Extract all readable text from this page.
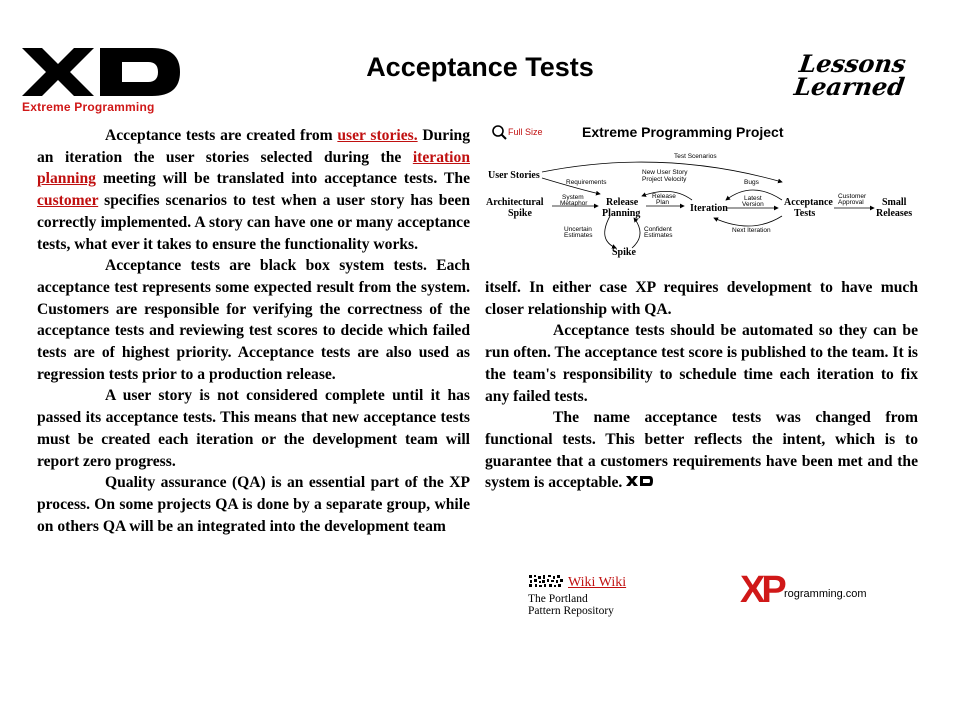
Extreme Programming
Acceptance Tests	Lessons
Learned

Acceptance tests are created from user stories. During an iteration the user stories selected during the iteration planning meeting will be translated into acceptance tests. The customer specifies scenarios to test when a user story has been correctly implemented. A story can have one or many acceptance tests, what ever it takes to ensure the functionality works.

Acceptance tests are black box system tests. Each acceptance test represents some expected result from the system. Customers are responsible for verifying the correctness of the acceptance tests and reviewing test scores to decide which failed tests are of highest priority. Acceptance tests are also used as regression tests prior to a production release.

A user story is not considered complete until it has passed its acceptance tests. This means that new acceptance tests must be created each iteration or the development team will report zero progress.

Quality assurance (QA) is an essential part of the XP process. On some projects QA is done by a separate group, while on others QA will be an integrated into the development team

Full Size	Extreme Programming Project
User Stories
Architectural
Spike
Release
Planning	Iteration
Acceptance
Tests
Small
Releases
Spike
Test Scenarios
Requirements
New User Story
Project Velocity
System
Metaphor
Release
Plan
Bugs
Latest
Version
Customer
Approval
Uncertain
Estimates
Confident
Estimates
Next Iteration

itself. In either case XP requires development to have much closer relationship with QA.

Acceptance tests should be automated so they can be run often. The acceptance test score is published to the team. It is the team's responsibility to schedule time each iteration to fix any failed tests.

The name acceptance tests was changed from functional tests. This better reflects the intent, which is to guarantee that a customers requirements have been met and the system is acceptable.

Wiki Wiki
The Portland
Pattern Repository	XP rogramming.com
